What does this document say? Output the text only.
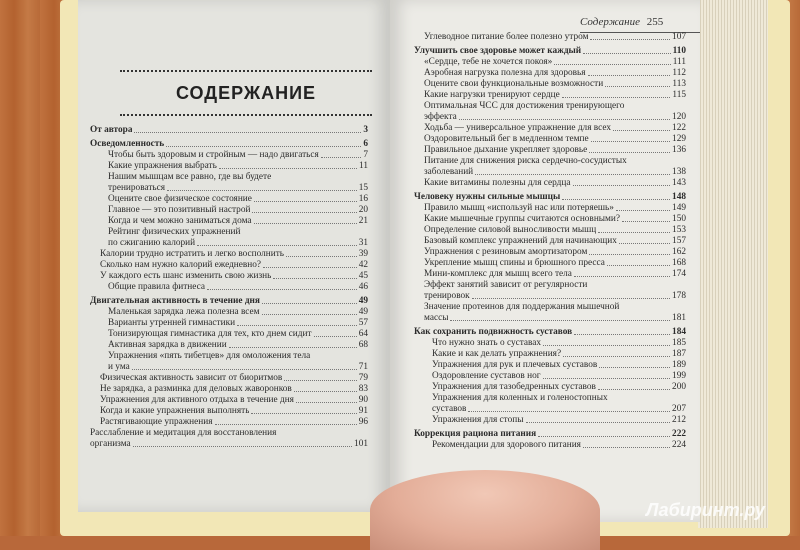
Содержание 255
СОДЕРЖАНИЕ
От автора	3
Осведомленность	6
Чтобы быть здоровым и стройным — надо двигаться	7
Какие упражнения выбрать	11
Нашим мышцам все равно, где вы будете
тренироваться	15
Оцените свое физическое состояние	16
Главное — это позитивный настрой	20
Когда и чем можно заниматься дома	21
Рейтинг физических упражнений
по сжиганию калорий	31
Калории трудно истратить и легко восполнить	39
Сколько нам нужно калорий ежедневно?	42
У каждого есть шанс изменить свою жизнь	45
Общие правила фитнеса	46
Двигательная активность в течение дня	49
Маленькая зарядка лежа полезна всем	49
Варианты утренней гимнастики	57
Тонизирующая гимнастика для тех, кто днем сидит	64
Активная зарядка в движении	68
Упражнения «пять тибетцев» для омоложения тела
и ума	71
Физическая активность зависит от биоритмов	79
Не зарядка, а разминка для деловых жаворонков	83
Упражнения для активного отдыха в течение дня	90
Когда и какие упражнения выполнять	91
Растягивающие упражнения	96
Расслабление и медитация для восстановления
организма	101
Углеводное питание более полезно утром	107
Улучшить свое здоровье может каждый	110
«Сердце, тебе не хочется покоя»	111
Аэробная нагрузка полезна для здоровья	112
Оцените свои функциональные возможности	113
Какие нагрузки тренируют сердце	115
Оптимальная ЧСС для достижения тренирующего
эффекта	120
Ходьба — универсальное упражнение для всех	122
Оздоровительный бег в медленном темпе	129
Правильное дыхание укрепляет здоровье	136
Питание для снижения риска сердечно-сосудистых
заболеваний	138
Какие витамины полезны для сердца	143
Человеку нужны сильные мышцы	148
Правило мышц «используй нас или потеряешь»	149
Какие мышечные группы считаются основными?	150
Определение силовой выносливости мышц	153
Базовый комплекс упражнений для начинающих	157
Упражнения с резиновым амортизатором	162
Укрепление мышц спины и брюшного пресса	168
Мини-комплекс для мышц всего тела	174
Эффект занятий зависит от регулярности
тренировок	178
Значение протеинов для поддержания мышечной
массы	181
Как сохранить подвижность суставов	184
Что нужно знать о суставах	185
Какие и как делать упражнения?	187
Упражнения для рук и плечевых суставов	189
Оздоровление суставов ног	199
Упражнения для тазобедренных суставов	200
Упражнения для коленных и голеностопных
суставов	207
Упражнения для стопы	212
Коррекция рациона питания	222
Рекомендации для здорового питания	224
Лабиринт.ру
